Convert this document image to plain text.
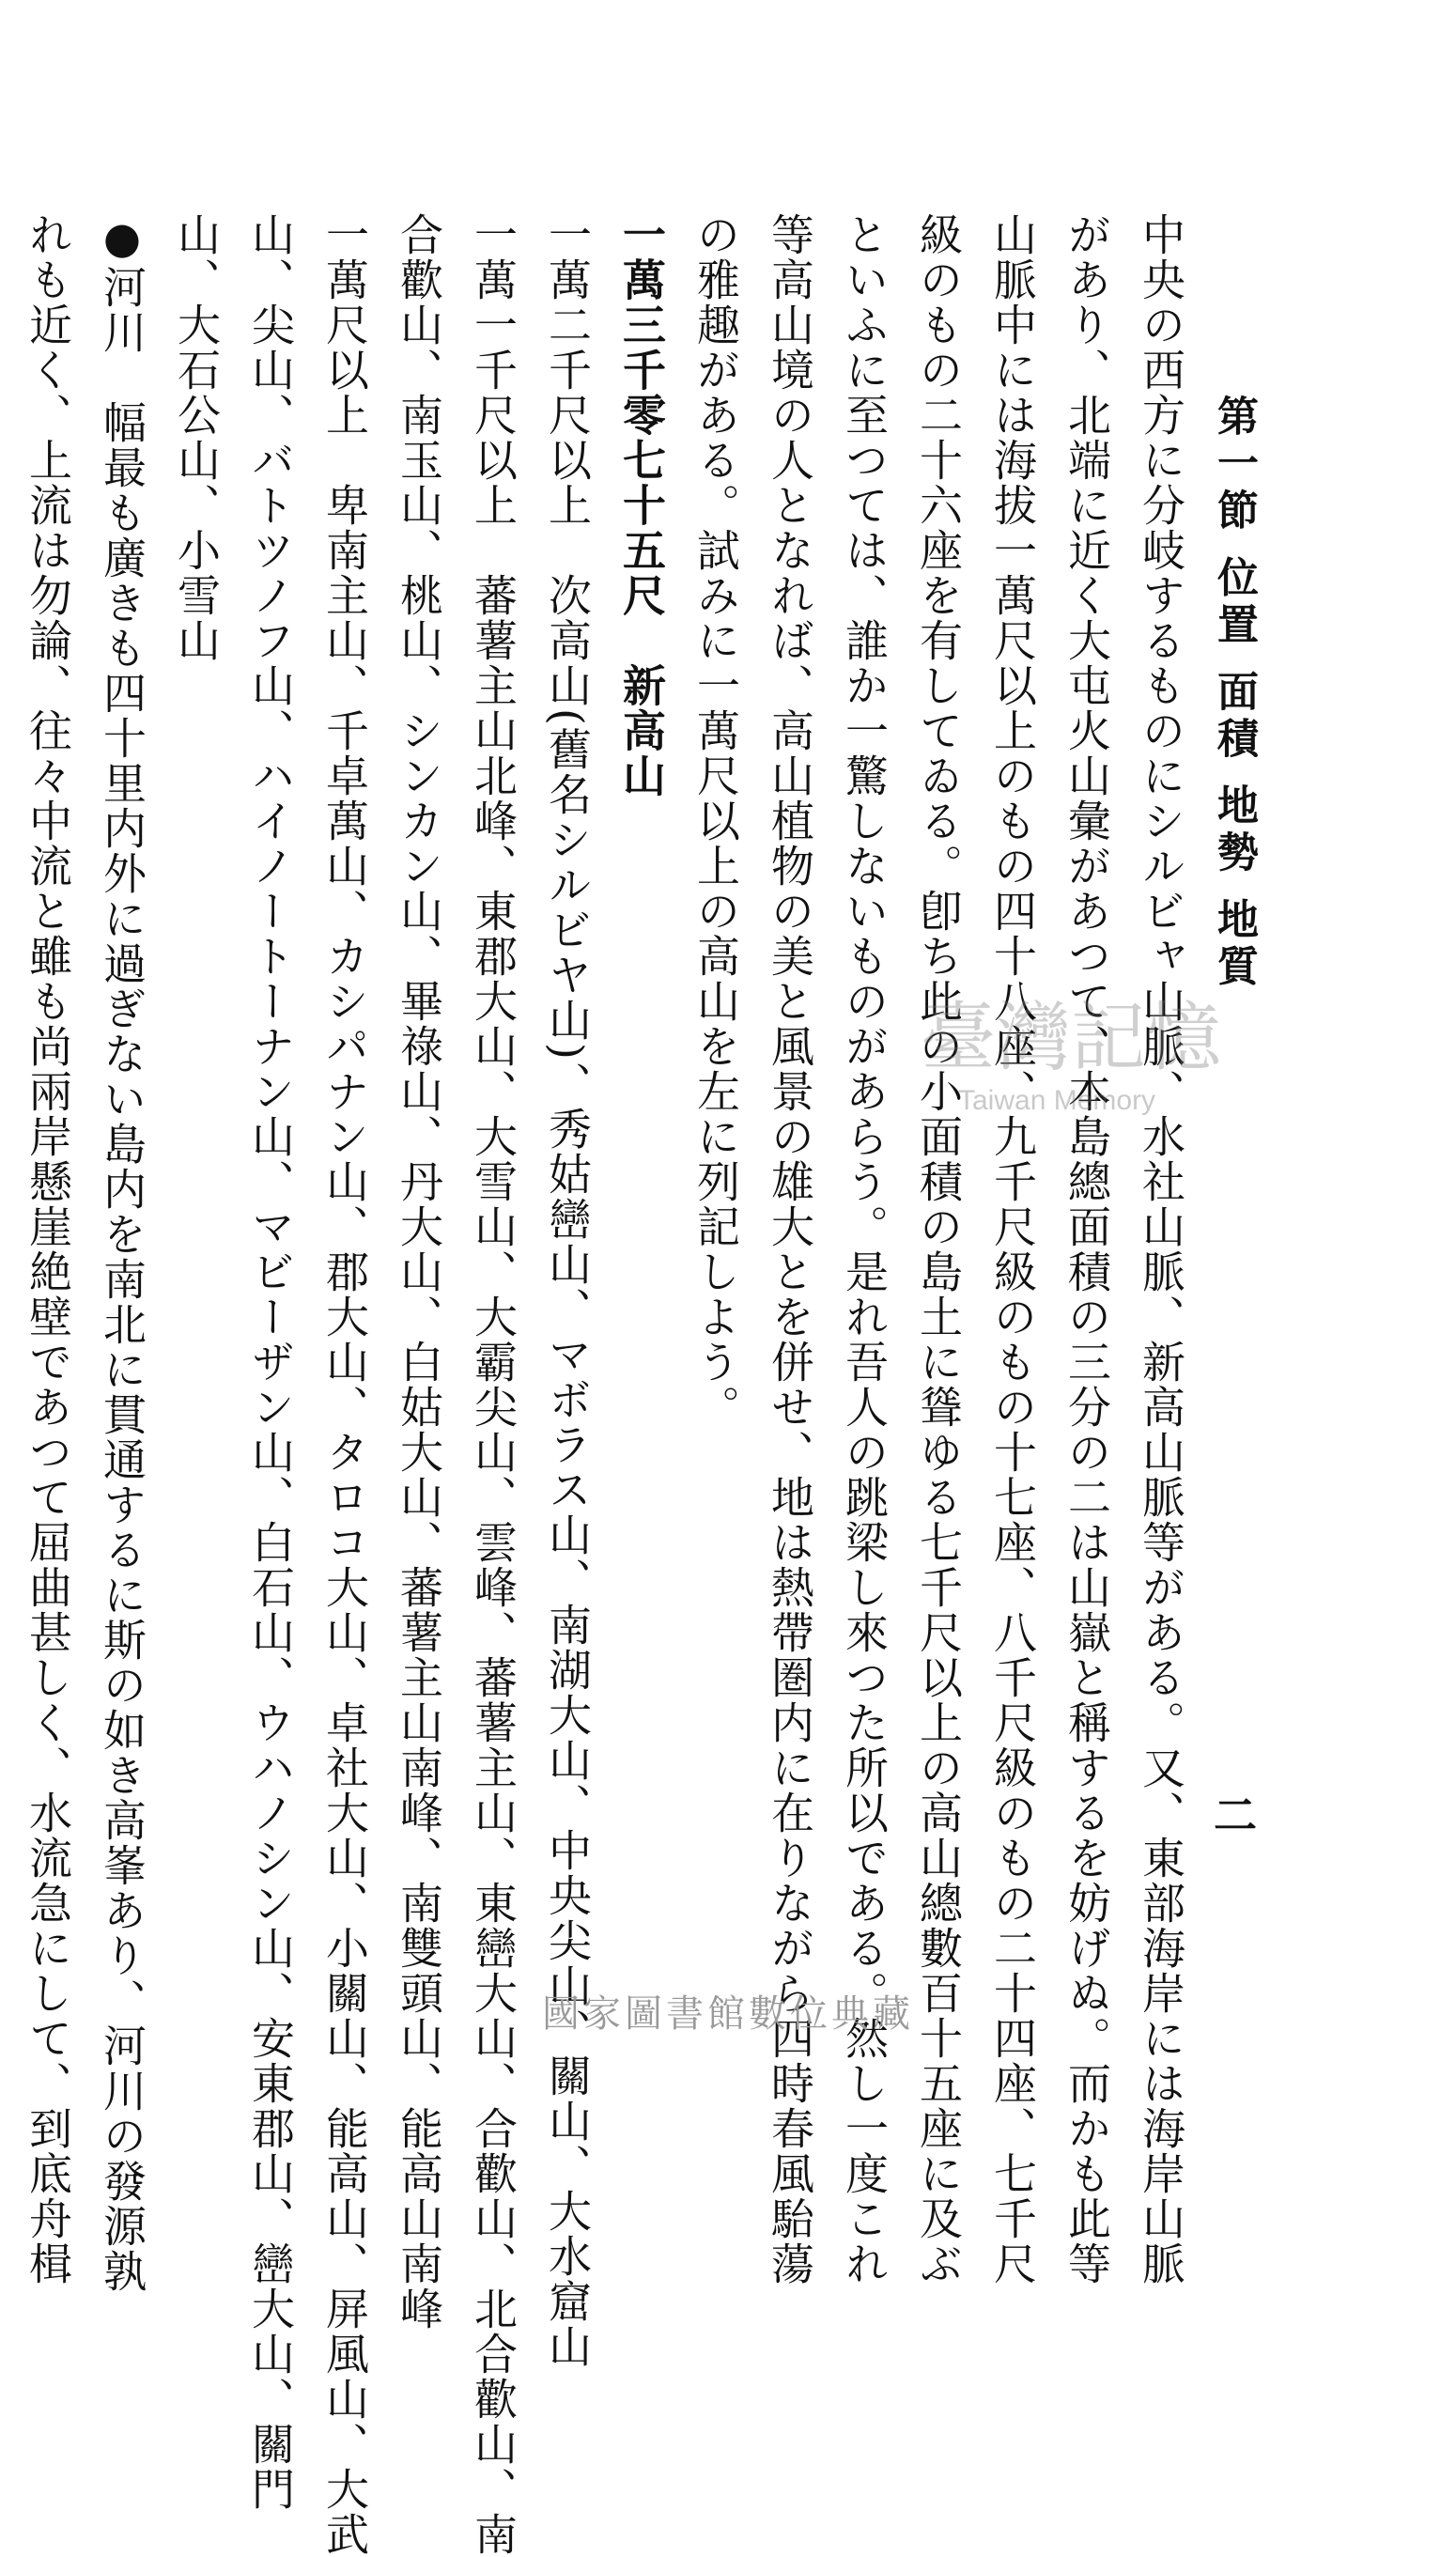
第一節 位置 面積 地勢 地質
二
中央の西方に分岐するものにシルビャ山脈、水社山脈、新高山脈等がある。又、東部海岸には海岸山脈
があり、北端に近く大屯火山彙があつて、本島總面積の三分の二は山嶽と稱するを妨げぬ。而かも此等
山脈中には海拔一萬尺以上のもの四十八座、九千尺級のもの十七座、八千尺級のもの二十四座、七千尺
級のもの二十六座を有してゐる。卽ち此の小面積の島土に聳ゆる七千尺以上の高山總數百十五座に及ぶ
といふに至つては、誰か一驚しないものがあらう。是れ吾人の跳梁し來つた所以である。然し一度これ
等高山境の人となれば、高山植物の美と風景の雄大とを併せ、地は熱帶圏内に在りながら四時春風駘蕩
の雅趣がある。試みに一萬尺以上の高山を左に列記しよう。
一萬三千零七十五尺　新高山
一萬二千尺以上　次高山(舊名シルビヤ山)、秀姑巒山、マボラス山、南湖大山、中央尖山、關山、大水窟山
一萬一千尺以上　蕃薯主山北峰、東郡大山、大雪山、大霸尖山、雲峰、蕃薯主山、東巒大山、合歡山、北合歡山、南
合歡山、南玉山、桃山、シンカン山、畢祿山、丹大山、白姑大山、蕃薯主山南峰、南雙頭山、能高山南峰
一萬尺以上　卑南主山、千卓萬山、カシパナン山、郡大山、タロコ大山、卓社大山、小關山、能高山、屏風山、大武
山、尖山、バトツノフ山、ハイノートーナン山、マビーザン山、白石山、ウハノシン山、安東郡山、巒大山、關門
山、大石公山、小雪山
●河川　幅最も廣きも四十里内外に過ぎない島内を南北に貫通するに斯の如き高峯あり、河川の發源孰
れも近く、上流は勿論、往々中流と雖も尚兩岸懸崖絶壁であつて屈曲甚しく、水流急にして、到底舟楫	臺灣記憶
Taiwan Memory
國家圖書館數位典藏
